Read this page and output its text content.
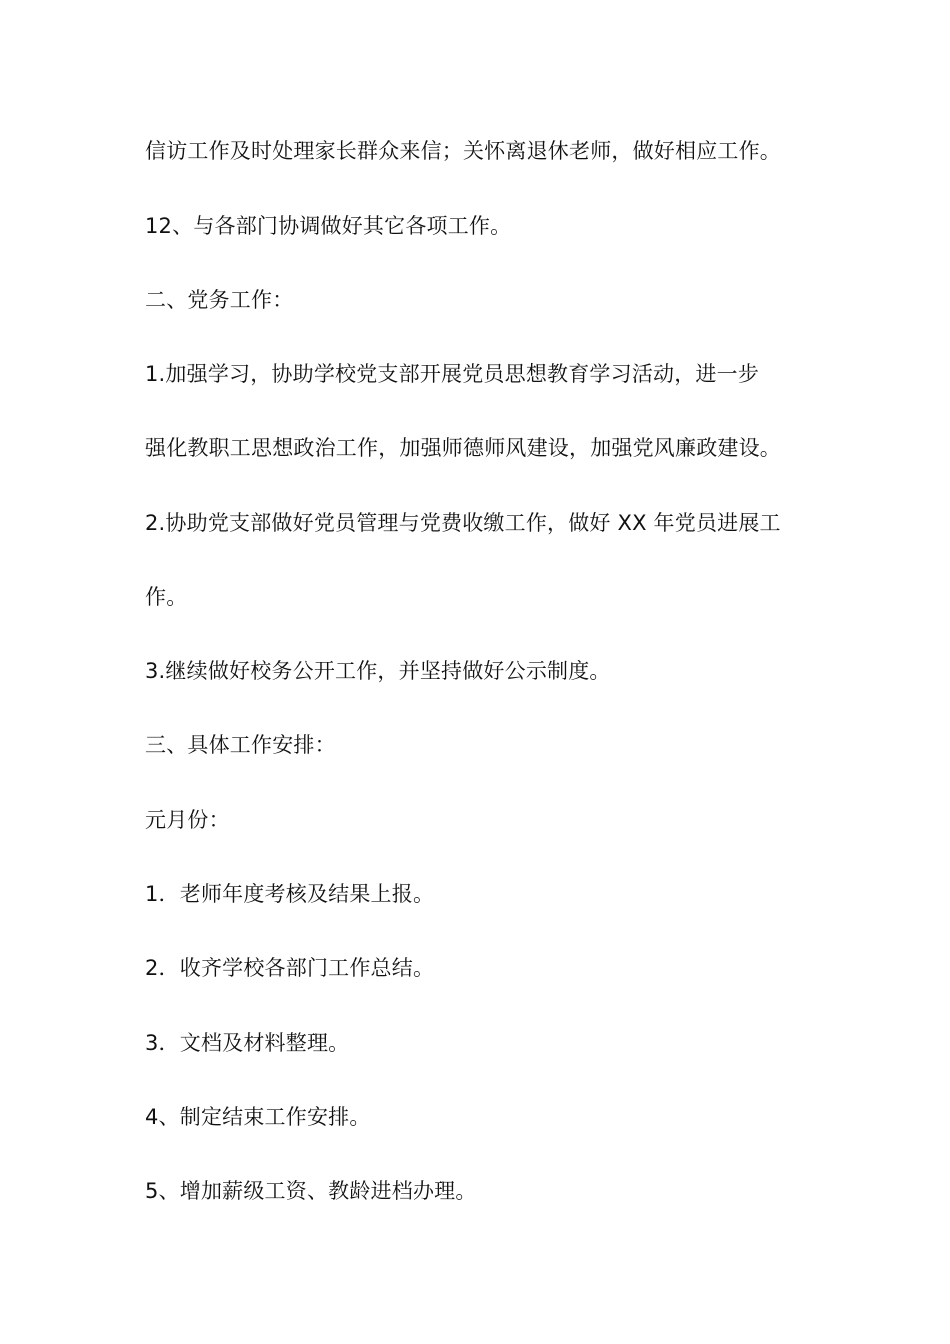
信访工作及时处理家长群众来信；关怀离退休老师，做好相应工作。
12、与各部门协调做好其它各项工作。
二、党务工作：
1.加强学习，协助学校党支部开展党员思想教育学习活动，进一步
强化教职工思想政治工作，加强师德师风建设，加强党风廉政建设。
2.协助党支部做好党员管理与党费收缴工作，做好 XX 年党员进展工
作。
3.继续做好校务公开工作，并坚持做好公示制度。
三、具体工作安排：
元月份：
1．老师年度考核及结果上报。
2．收齐学校各部门工作总结。
3．文档及材料整理。
4、制定结束工作安排。
5、增加薪级工资、教龄进档办理。
